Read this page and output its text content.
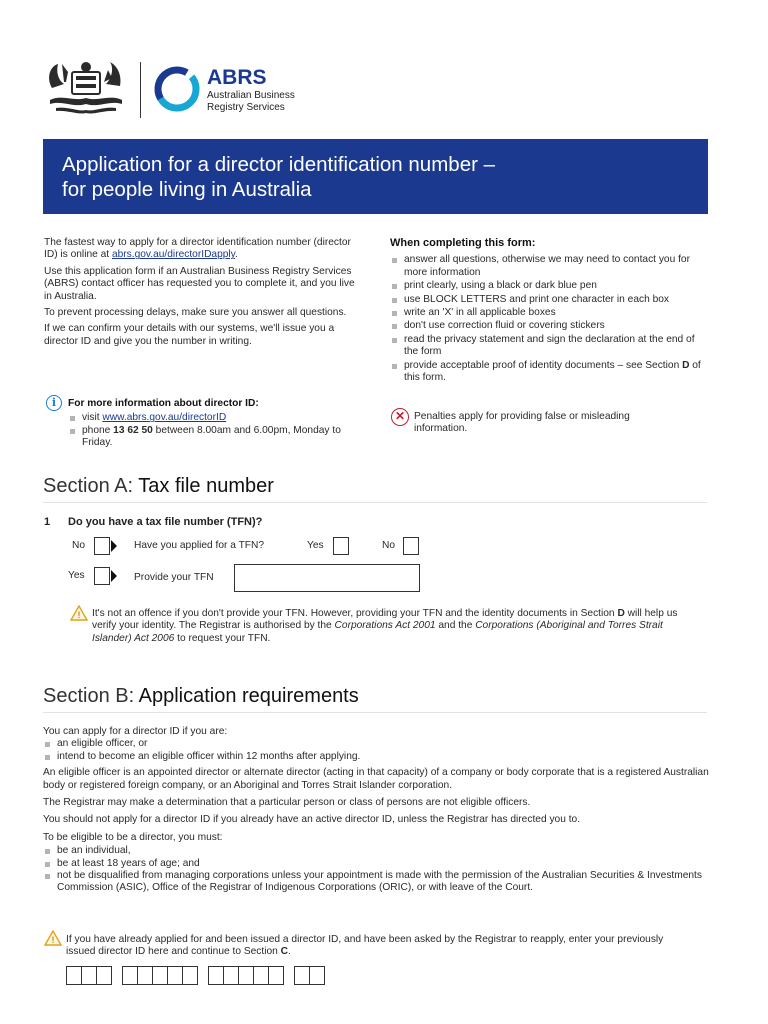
ABRS
Australian Business
Registry Services
Application for a director identification number –
for people living in Australia

The fastest way to apply for a director identification number (director ID) is online at abrs.gov.au/directorIDapply.

Use this application form if an Australian Business Registry Services (ABRS) contact officer has requested you to complete it, and you live in Australia.

To prevent processing delays, make sure you answer all questions.

If we can confirm your details with our systems, we'll issue you a director ID and give you the number in writing.

i	For more information about director ID:
visit www.abrs.gov.au/directorID
phone 13 62 50 between 8.00am and 6.00pm, Monday to Friday.
When completing this form:
answer all questions, otherwise we may need to contact you for more information
print clearly, using a black or dark blue pen
use BLOCK LETTERS and print one character in each box
write an 'X' in all applicable boxes
don't use correction fluid or covering stickers
read the privacy statement and sign the declaration at the end of the form
provide acceptable proof of identity documents – see Section D of this form.
✕ Penalties apply for providing false or misleading information.
Section A: Tax file number
1 Do you have a tax file number (TFN)?
No	Have you applied for a TFN?	Yes	No
Yes	Provide your TFN
! It's not an offence if you don't provide your TFN. However, providing your TFN and the identity documents in Section D will help us verify your identity. The Registrar is authorised by the Corporations Act 2001 and the Corporations (Aboriginal and Torres Strait Islander) Act 2006 to request your TFN.
Section B: Application requirements

You can apply for a director ID if you are:

an eligible officer, or
intend to become an eligible officer within 12 months after applying.

An eligible officer is an appointed director or alternate director (acting in that capacity) of a company or body corporate that is a registered Australian body or registered foreign company, or an Aboriginal and Torres Strait Islander corporation.

The Registrar may make a determination that a particular person or class of persons are not eligible officers.

You should not apply for a director ID if you already have an active director ID, unless the Registrar has directed you to.

To be eligible to be a director, you must:

be an individual,
be at least 18 years of age; and
not be disqualified from managing corporations unless your appointment is made with the permission of the Australian Securities & Investments Commission (ASIC), Office of the Registrar of Indigenous Corporations (ORIC), or with leave of the Court.
! If you have already applied for and been issued a director ID, and have been asked by the Registrar to reapply, enter your previously issued director ID here and continue to Section C.
